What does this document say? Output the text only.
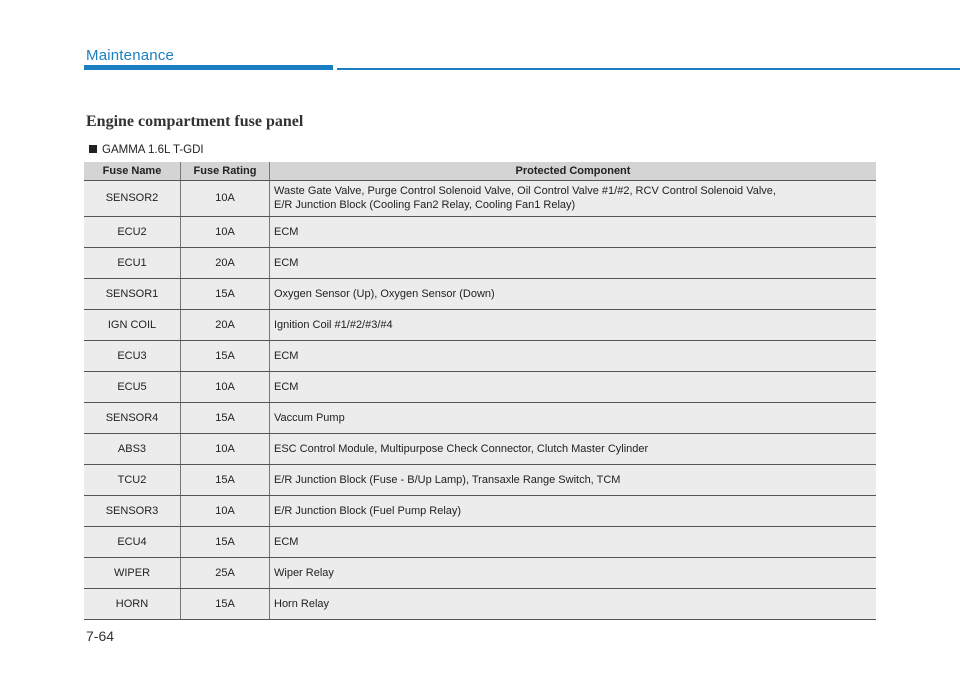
Maintenance
Engine compartment fuse panel
GAMMA 1.6L T-GDI
Fuse Name	Fuse Rating	Protected Component
SENSOR2	10A	Waste Gate Valve, Purge Control Solenoid Valve, Oil Control Valve #1/#2, RCV Control Solenoid Valve,
E/R Junction Block (Cooling Fan2 Relay, Cooling Fan1 Relay)
ECU2	10A	ECM
ECU1	20A	ECM
SENSOR1	15A	Oxygen Sensor (Up), Oxygen Sensor (Down)
IGN COIL	20A	Ignition Coil #1/#2/#3/#4
ECU3	15A	ECM
ECU5	10A	ECM
SENSOR4	15A	Vaccum Pump
ABS3	10A	ESC Control Module, Multipurpose Check Connector, Clutch Master Cylinder
TCU2	15A	E/R Junction Block (Fuse - B/Up Lamp), Transaxle Range Switch, TCM
SENSOR3	10A	E/R Junction Block (Fuel Pump Relay)
ECU4	15A	ECM
WIPER	25A	Wiper Relay
HORN	15A	Horn Relay
7-64
